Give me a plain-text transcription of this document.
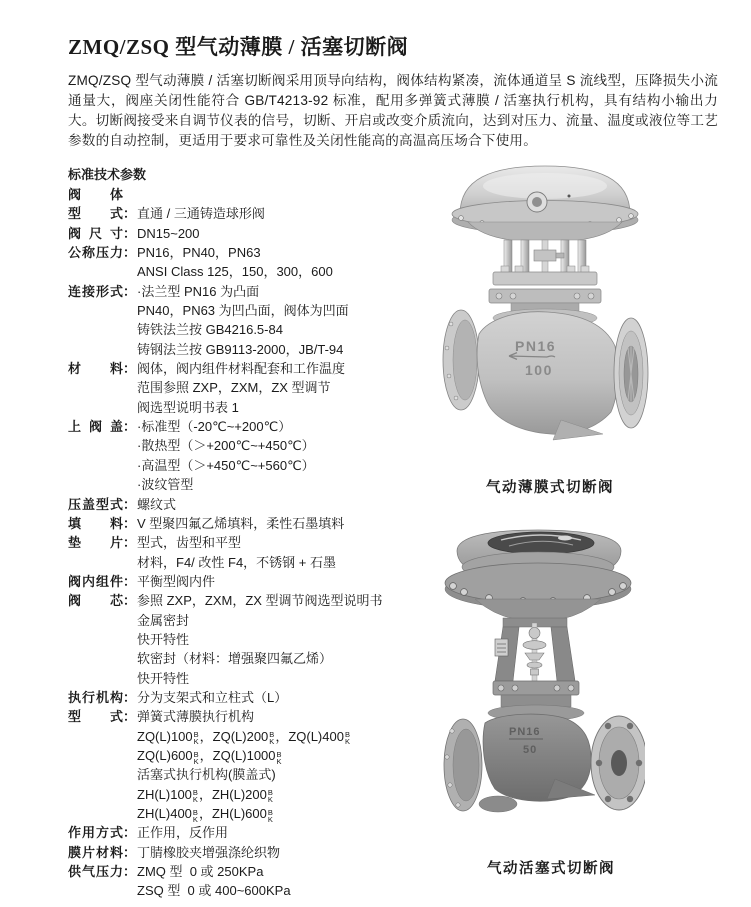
ZMQ/ZSQ 型气动薄膜 / 活塞切断阀

ZMQ/ZSQ 型气动薄膜 / 活塞切断阀采用顶导向结构，阀体结构紧凑，流体通道呈 S 流线型，压降损失小流通量大，阀座关闭性能符合 GB/T4213-92 标准，配用多弹簧式薄膜 / 活塞执行机构，具有结构小输出力大。切断阀接受来自调节仪表的信号，切断、开启或改变介质流向，达到对压力、流量、温度或液位等工艺参数的自动控制，更适用于要求可靠性及关闭性能高的高温高压场合下使用。

标准技术参数
阀体
型式 ： 直通 / 三通铸造球形阀
阀尺寸 ： DN15~200
公称压力 ： PN16，PN40，PN63
ANSI Class 125，150，300，600
连接形式 ： ·法兰型 PN16 为凸面
PN40，PN63 为凹凸面，阀体为凹面
铸铁法兰按 GB4216.5-84
铸钢法兰按 GB9113-2000，JB/T-94
材料 ： 阀体，阀内组件材料配套和工作温度
范围参照 ZXP，ZXM，ZX 型调节
阀选型说明书表 1
上阀盖 ： ·标准型（-20℃~+200℃）
·散热型（＞+200℃~+450℃）
·高温型（＞+450℃~+560℃）
·波纹管型
压盖型式 ： 螺纹式
填料 ： V 型聚四氟乙烯填料，柔性石墨填料
垫片 ： 型式，齿型和平型
材料，F4/ 改性 F4，不锈钢 + 石墨
阀内组件 ： 平衡型阀内件
阀芯 ： 参照 ZXP，ZXM，ZX 型调节阀选型说明书
金属密封
快开特性
软密封（材料：增强聚四氟乙烯）
快开特性
执行机构 ： 分为支架式和立柱式（L）
型式 ： 弹簧式薄膜执行机构
ZQ(L)100 B
K ，ZQ(L)200 B
K ，ZQ(L)400 B
K
ZQ(L)600 B
K ，ZQ(L)1000 B
K
活塞式执行机构(膜盖式)
ZH(L)100 B
K ，ZH(L)200 B
K
ZH(L)400 B
K ，ZH(L)600 B
K
作用方式 ： 正作用，反作用
膜片材料 ： 丁腈橡胶夹增强涤纶织物
供气压力 ： ZMQ 型  0 或 250KPa
ZSQ 型  0 或 400~600KPa
PN16
100
气动薄膜式切断阀
PN16
50
气动活塞式切断阀
